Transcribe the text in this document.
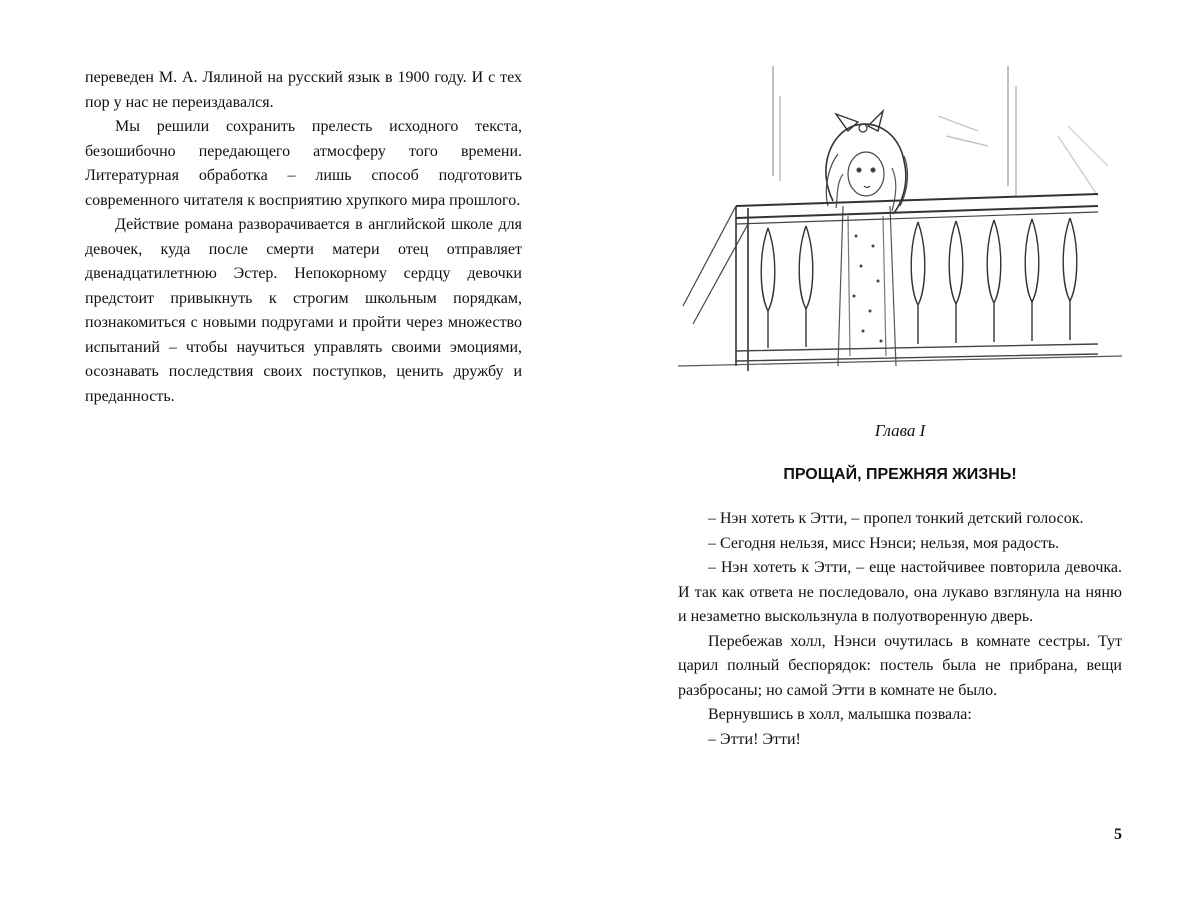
переведен М. А. Лялиной на русский язык в 1900 году. И с тех пор у нас не переиздавался.

Мы решили сохранить прелесть исходного текста, безошибочно передающего атмосферу того времени. Литературная обработка – лишь способ подготовить современного читателя к восприятию хрупкого мира прошлого.

Действие романа разворачивается в английской школе для девочек, куда после смерти матери отец отправляет двенадцатилетнюю Эстер. Непокорному сердцу девочки предстоит привыкнуть к строгим школьным порядкам, познакомиться с новыми подругами и пройти через множество испытаний – чтобы научиться управлять своими эмоциями, осознавать последствия своих поступков, ценить дружбу и преданность.

Глава I
ПРОЩАЙ, ПРЕЖНЯЯ ЖИЗНЬ!

– Нэн хотеть к Этти, – пропел тонкий детский голосок.

– Сегодня нельзя, мисс Нэнси; нельзя, моя радость.

– Нэн хотеть к Этти, – еще настойчивее повторила девочка. И так как ответа не последовало, она лукаво взглянула на няню и незаметно выскользнула в полуотворенную дверь.

Перебежав холл, Нэнси очутилась в комнате сестры. Тут царил полный беспорядок: постель была не прибрана, вещи разбросаны; но самой Этти в комнате не было.

Вернувшись в холл, малышка позвала:

– Этти! Этти!

5
